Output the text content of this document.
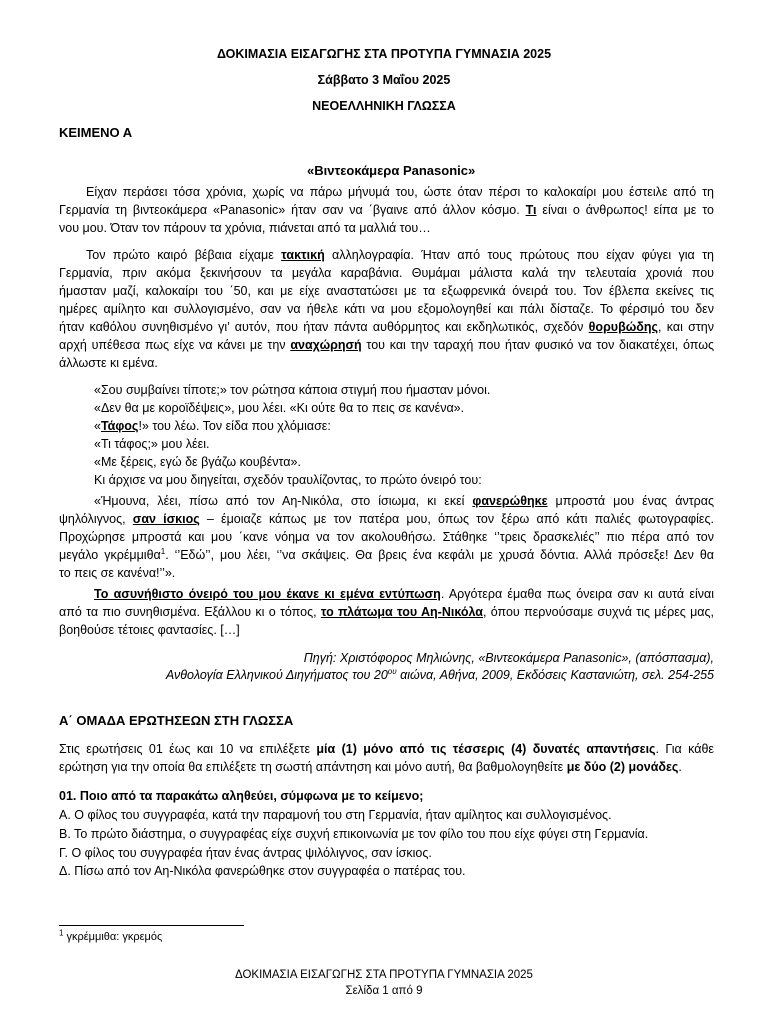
ΔΟΚΙΜΑΣΙΑ ΕΙΣΑΓΩΓΗΣ ΣΤΑ ΠΡΟΤΥΠΑ ΓΥΜΝΑΣΙΑ 2025
Σάββατο 3 Μαΐου 2025
ΝΕΟΕΛΛΗΝΙΚΗ ΓΛΩΣΣΑ
ΚΕΙΜΕΝΟ Α
«Βιντεοκάμερα Panasonic»
Είχαν περάσει τόσα χρόνια, χωρίς να πάρω μήνυμά του, ώστε όταν πέρσι το καλοκαίρι μου έστειλε από τη
Γερμανία τη βιντεοκάμερα «Panasonic» ήταν σαν να ΄βγαινε από άλλον κόσμο. Τι είναι ο άνθρωπος! είπα με το
νου μου. Όταν τον πάρουν τα χρόνια, πιάνεται από τα μαλλιά του…
Τον πρώτο καιρό βέβαια είχαμε τακτική αλληλογραφία. Ήταν από τους πρώτους που είχαν φύγει για τη
Γερμανία, πριν ακόμα ξεκινήσουν τα μεγάλα καραβάνια. Θυμάμαι μάλιστα καλά την τελευταία χρονιά που
ήμασταν μαζί, καλοκαίρι του ΄50, και με είχε αναστατώσει με τα εξωφρενικά όνειρά του. Τον έβλεπα εκείνες τις
ημέρες αμίλητο και συλλογισμένο, σαν να ήθελε κάτι να μου εξομολογηθεί και πάλι δίσταζε. Το φέρσιμό του δεν
ήταν καθόλου συνηθισμένο γι’ αυτόν, που ήταν πάντα αυθόρμητος και εκδηλωτικός, σχεδόν θορυβώδης, και στην
αρχή υπέθεσα πως είχε να κάνει με την αναχώρησή του και την ταραχή που ήταν φυσικό να τον διακατέχει, όπως
άλλωστε κι εμένα.
«Σου συμβαίνει τίποτε;» τον ρώτησα κάποια στιγμή που ήμασταν μόνοι.
«Δεν θα με κοροϊδέψεις», μου λέει. «Κι ούτε θα το πεις σε κανένα».
«Τάφος!» του λέω. Τον είδα που χλόμιασε:
«Τι τάφος;» μου λέει.
«Με ξέρεις, εγώ δε βγάζω κουβέντα».
Κι άρχισε να μου διηγείται, σχεδόν τραυλίζοντας, το πρώτο όνειρό του:
«Ήμουνα, λέει, πίσω από τον Αη-Νικόλα, στο ίσιωμα, κι εκεί φανερώθηκε μπροστά μου ένας άντρας
ψηλόλιγνος, σαν ίσκιος – έμοιαζε κάπως με τον πατέρα μου, όπως τον ξέρω από κάτι παλιές φωτογραφίες.
Προχώρησε μπροστά και μου ΄κανε νόημα να τον ακολουθήσω. Στάθηκε ‘’τρεις δρασκελιές’’ πιο πέρα από τον
μεγάλο γκρέμμιθα$^1$. ‘’Εδώ’’, μου λέει, ‘’να σκάψεις. Θα βρεις ένα κεφάλι με χρυσά δόντια. Αλλά πρόσεξε! Δεν θα
το πεις σε κανένα!’’».
Το ασυνήθιστο όνειρό του μου έκανε κι εμένα εντύπωση. Αργότερα έμαθα πως όνειρα σαν κι αυτά είναι
από τα πιο συνηθισμένα. Εξάλλου κι ο τόπος, το πλάτωμα του Αη-Νικόλα, όπου περνούσαμε συχνά τις μέρες μας,
βοηθούσε τέτοιες φαντασίες. […]
Πηγή: Χριστόφορος Μηλιώνης, «Βιντεοκάμερα Panasonic», (απόσπασμα),
Ανθολογία Ελληνικού Διηγήματος του $20^{o\upsilon}$ αιώνα, Αθήνα, 2009, Εκδόσεις Καστανιώτη, σελ. 254-255
Α΄ ΟΜΑΔΑ ΕΡΩΤΗΣΕΩΝ ΣΤΗ ΓΛΩΣΣΑ
Στις ερωτήσεις 01 έως και 10 να επιλέξετε μία (1) μόνο από τις τέσσερις (4) δυνατές απαντήσεις. Για κάθε
ερώτηση για την οποία θα επιλέξετε τη σωστή απάντηση και μόνο αυτή, θα βαθμολογηθείτε με δύο (2) μονάδες.
01. Ποιο από τα παρακάτω αληθεύει, σύμφωνα με το κείμενο;
Α. Ο φίλος του συγγραφέα, κατά την παραμονή του στη Γερμανία, ήταν αμίλητος και συλλογισμένος.
Β. Το πρώτο διάστημα, ο συγγραφέας είχε συχνή επικοινωνία με τον φίλο του που είχε φύγει στη Γερμανία.
Γ. Ο φίλος του συγγραφέα ήταν ένας άντρας ψιλόλιγνος, σαν ίσκιος.
Δ. Πίσω από τον Αη-Νικόλα φανερώθηκε στον συγγραφέα ο πατέρας του.
$^1$ γκρέμμιθα: γκρεμός
ΔΟΚΙΜΑΣΙΑ ΕΙΣΑΓΩΓΗΣ ΣΤΑ ΠΡΟΤΥΠΑ ΓΥΜΝΑΣΙΑ 2025
Σελίδα 1 από 9
